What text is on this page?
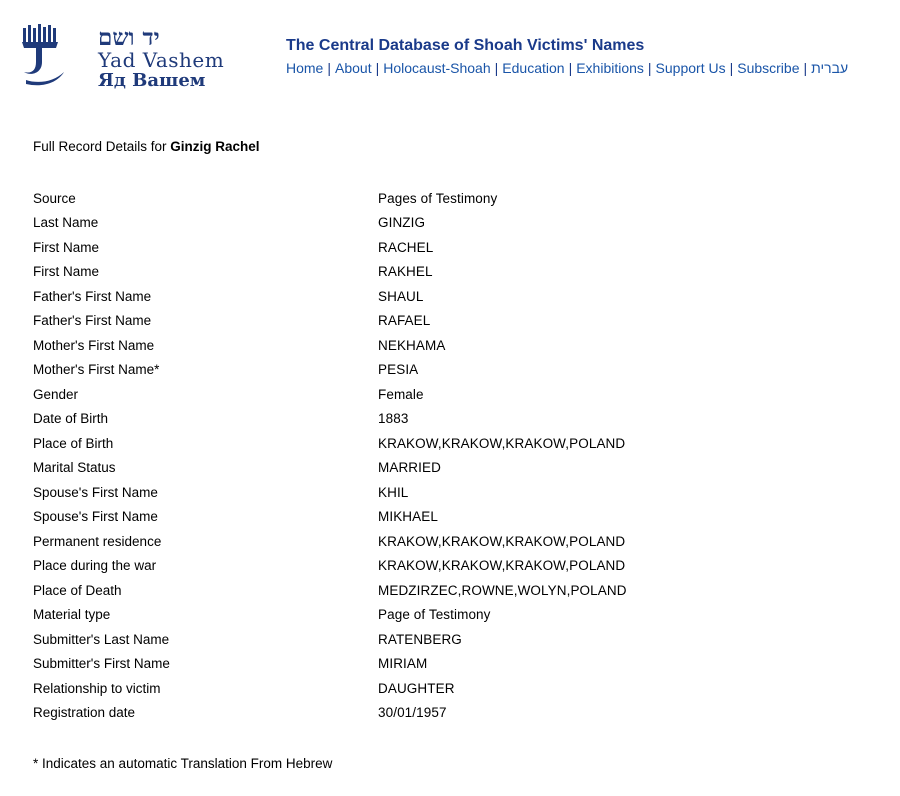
יד ושם
Yad Vashem
Яд Вашем
The Central Database of Shoah Victims' Names
Home | About | Holocaust-Shoah | Education | Exhibitions | Support Us | Subscribe | עברית
Full Record Details for Ginzig Rachel
Source	Pages of Testimony
Last Name	GINZIG
First Name	RACHEL
First Name	RAKHEL
Father's First Name	SHAUL
Father's First Name	RAFAEL
Mother's First Name	NEKHAMA
Mother's First Name*	PESIA
Gender	Female
Date of Birth	1883
Place of Birth	KRAKOW,KRAKOW,KRAKOW,POLAND
Marital Status	MARRIED
Spouse's First Name	KHIL
Spouse's First Name	MIKHAEL
Permanent residence	KRAKOW,KRAKOW,KRAKOW,POLAND
Place during the war	KRAKOW,KRAKOW,KRAKOW,POLAND
Place of Death	MEDZIRZEC,ROWNE,WOLYN,POLAND
Material type	Page of Testimony
Submitter's Last Name	RATENBERG
Submitter's First Name	MIRIAM
Relationship to victim	DAUGHTER
Registration date	30/01/1957
* Indicates an automatic Translation From Hebrew
